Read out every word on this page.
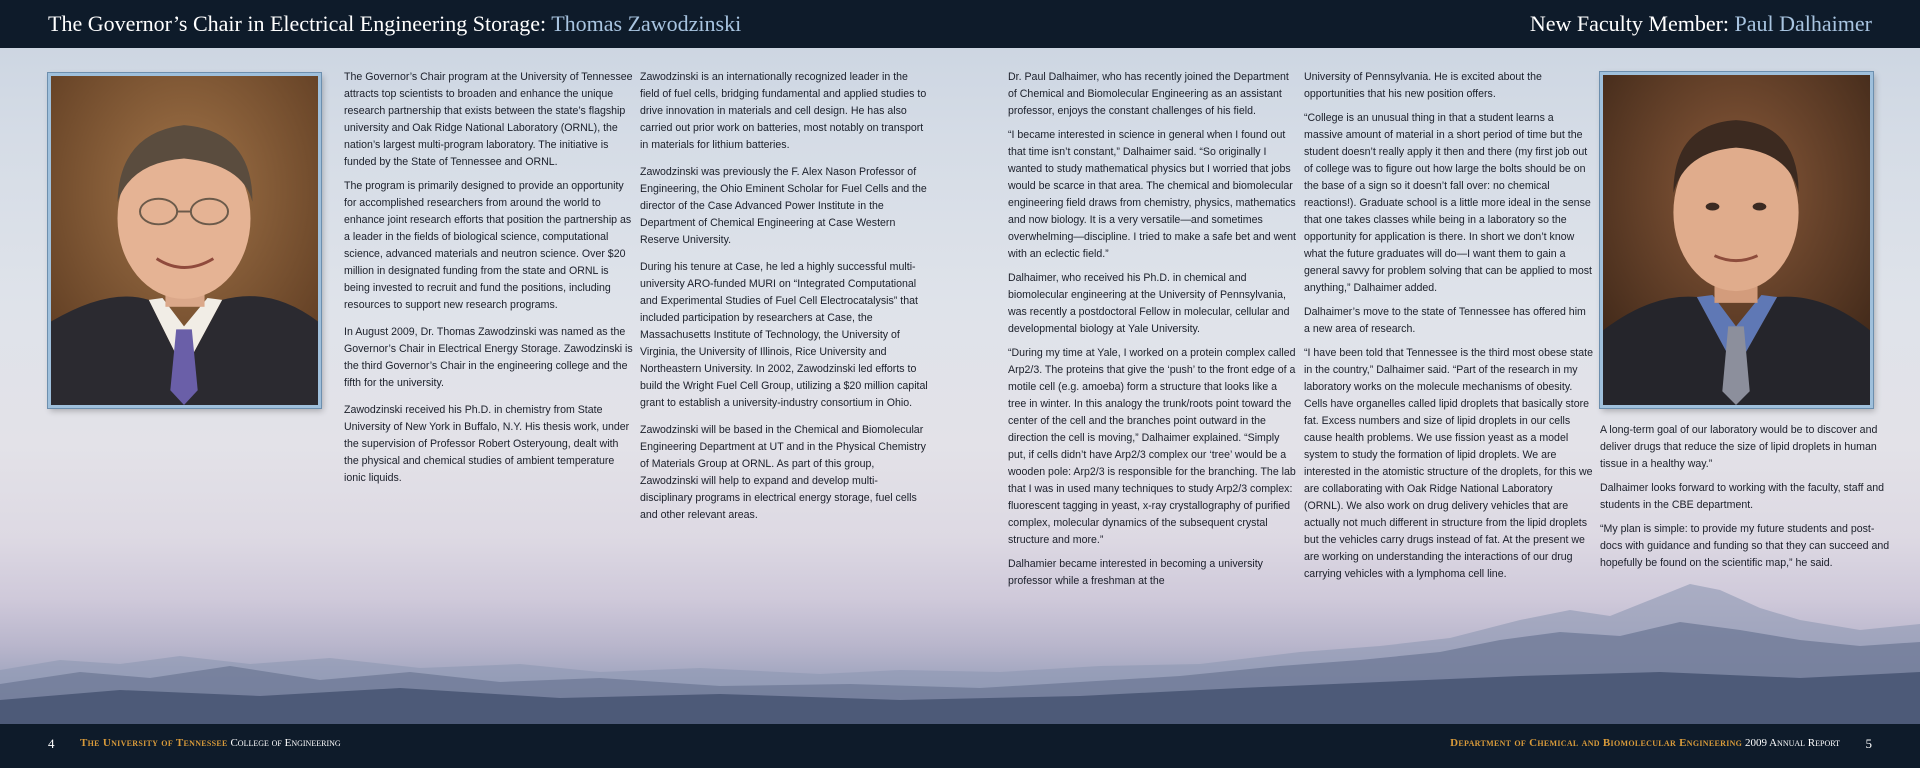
The Governor’s Chair in Electrical Engineering Storage: Thomas Zawodzinski	New Faculty Member: Paul Dalhaimer

The Governor’s Chair program at the University of Tennessee attracts top scientists to broaden and enhance the unique research partnership that exists between the state’s flagship university and Oak Ridge National Laboratory (ORNL), the nation’s largest multi-program laboratory. The initiative is funded by the State of Tennessee and ORNL.

The program is primarily designed to provide an opportunity for accomplished researchers from around the world to enhance joint research efforts that position the partnership as a leader in the fields of biological science, computational science, advanced materials and neutron science. Over $20 million in designated funding from the state and ORNL is being invested to recruit and fund the positions, including resources to support new research programs.

In August 2009, Dr. Thomas Zawodzinski was named as the Governor’s Chair in Electrical Energy Storage. Zawodzinski is the third Governor’s Chair in the engineering college and the fifth for the university.

Zawodzinski received his Ph.D. in chemistry from State University of New York in Buffalo, N.Y. His thesis work, under the supervision of Professor Robert Osteryoung, dealt with the physical and chemical studies of ambient temperature ionic liquids.

Zawodzinski is an internationally recognized leader in the field of fuel cells, bridging fundamental and applied studies to drive innovation in materials and cell design. He has also carried out prior work on batteries, most notably on transport in materials for lithium batteries.

Zawodzinski was previously the F. Alex Nason Professor of Engineering, the Ohio Eminent Scholar for Fuel Cells and the director of the Case Advanced Power Institute in the Department of Chemical Engineering at Case Western Reserve University.

During his tenure at Case, he led a highly successful multi-university ARO-funded MURI on “Integrated Computational and Experimental Studies of Fuel Cell Electrocatalysis” that included participation by researchers at Case, the Massachusetts Institute of Technology, the University of Virginia, the University of Illinois, Rice University and Northeastern University. In 2002, Zawodzinski led efforts to build the Wright Fuel Cell Group, utilizing a $20 million capital grant to establish a university-industry consortium in Ohio.

Zawodzinski will be based in the Chemical and Biomolecular Engineering Department at UT and in the Physical Chemistry of Materials Group at ORNL. As part of this group, Zawodzinski will help to expand and develop multi-disciplinary programs in electrical energy storage, fuel cells and other relevant areas.

Dr. Paul Dalhaimer, who has recently joined the Department of Chemical and Biomolecular Engineering as an assistant professor, enjoys the constant challenges of his field.

“I became interested in science in general when I found out that time isn’t constant,” Dalhaimer said. “So originally I wanted to study mathematical physics but I worried that jobs would be scarce in that area. The chemical and biomolecular engineering field draws from chemistry, physics, mathematics and now biology. It is a very versatile—and sometimes overwhelming—discipline. I tried to make a safe bet and went with an eclectic field.”

Dalhaimer, who received his Ph.D. in chemical and biomolecular engineering at the University of Pennsylvania, was recently a postdoctoral Fellow in molecular, cellular and developmental biology at Yale University.

“During my time at Yale, I worked on a protein complex called Arp2/3. The proteins that give the ‘push’ to the front edge of a motile cell (e.g. amoeba) form a structure that looks like a tree in winter. In this analogy the trunk/roots point toward the center of the cell and the branches point outward in the direction the cell is moving,” Dalhaimer explained. “Simply put, if cells didn’t have Arp2/3 complex our ‘tree’ would be a wooden pole: Arp2/3 is responsible for the branching. The lab that I was in used many techniques to study Arp2/3 complex: fluorescent tagging in yeast, x-ray crystallography of purified complex, molecular dynamics of the subsequent crystal structure and more.”

Dalhamier became interested in becoming a university professor while a freshman at the

University of Pennsylvania. He is excited about the opportunities that his new position offers.

“College is an unusual thing in that a student learns a massive amount of material in a short period of time but the student doesn’t really apply it then and there (my first job out of college was to figure out how large the bolts should be on the base of a sign so it doesn’t fall over: no chemical reactions!). Graduate school is a little more ideal in the sense that one takes classes while being in a laboratory so the opportunity for application is there. In short we don’t know what the future graduates will do—I want them to gain a general savvy for problem solving that can be applied to most anything,” Dalhaimer added.

Dalhaimer’s move to the state of Tennessee has offered him a new area of research.

“I have been told that Tennessee is the third most obese state in the country,” Dalhaimer said. “Part of the research in my laboratory works on the molecule mechanisms of obesity. Cells have organelles called lipid droplets that basically store fat. Excess numbers and size of lipid droplets in our cells cause health problems. We use fission yeast as a model system to study the formation of lipid droplets. We are interested in the atomistic structure of the droplets, for this we are collaborating with Oak Ridge National Laboratory (ORNL). We also work on drug delivery vehicles that are actually not much different in structure from the lipid droplets but the vehicles carry drugs instead of fat. At the present we are working on understanding the interactions of our drug carrying vehicles with a lymphoma cell line.

A long-term goal of our laboratory would be to discover and deliver drugs that reduce the size of lipid droplets in human tissue in a healthy way.”

Dalhaimer looks forward to working with the faculty, staff and students in the CBE department.

“My plan is simple: to provide my future students and post-docs with guidance and funding so that they can succeed and hopefully be found on the scientific map,” he said.

4 The University of Tennessee College of Engineering	Department of Chemical and Biomolecular Engineering 2009 Annual Report 5
